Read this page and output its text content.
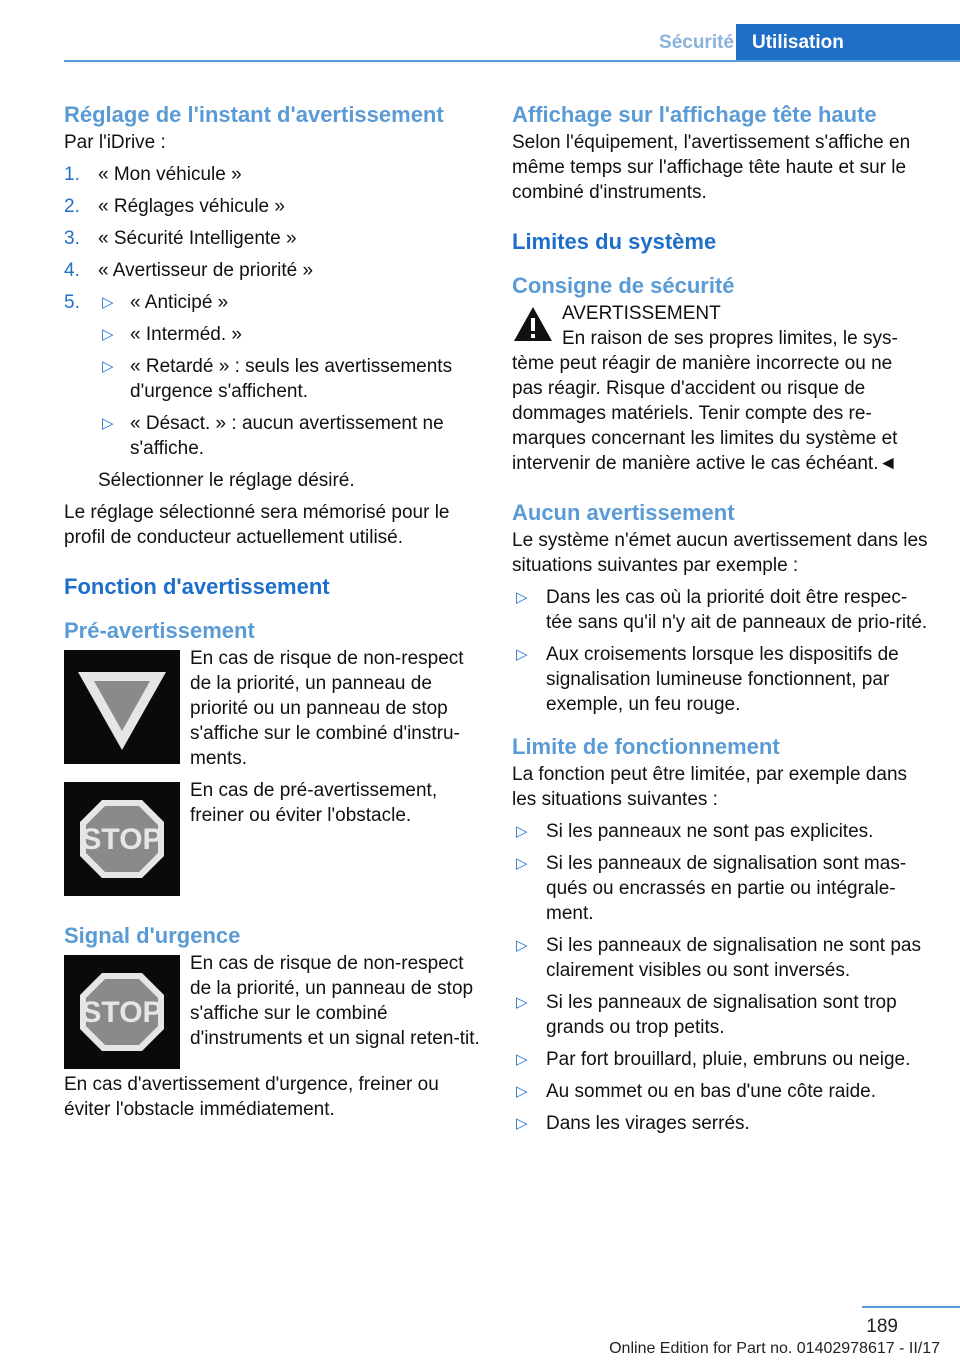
Sécurité Utilisation
Réglage de l'instant d'avertissement

Par l'iDrive :

1. « Mon véhicule »
2. « Réglages véhicule »
3. « Sécurité Intelligente »
4. « Avertisseur de priorité »
5. ▷ « Anticipé »
▷ « Interméd. »
▷ « Retardé » : seuls les avertissements d'urgence s'affichent.
▷ « Désact. » : aucun avertissement ne s'affiche.

Sélectionner le réglage désiré.

Le réglage sélectionné sera mémorisé pour le profil de conducteur actuellement utilisé.

Fonction d'avertissement
Pré-avertissement

En cas de risque de non-respect de la priorité, un panneau de priorité ou un panneau de stop s'affiche sur le combiné d'instru-ments.

STOP

En cas de pré-avertissement, freiner ou éviter l'obstacle.

Signal d'urgence
STOP

En cas de risque de non-respect de la priorité, un panneau de stop s'affiche sur le combiné d'instruments et un signal reten-tit.

En cas d'avertissement d'urgence, freiner ou éviter l'obstacle immédiatement.

Affichage sur l'affichage tête haute

Selon l'équipement, l'avertissement s'affiche en même temps sur l'affichage tête haute et sur le combiné d'instruments.

Limites du système
Consigne de sécurité

AVERTISSEMENT

En raison de ses propres limites, le sys-

tème peut réagir de manière incorrecte ou ne pas réagir. Risque d'accident ou risque de dommages matériels. Tenir compte des re-marques concernant les limites du système et intervenir de manière active le cas échéant.◄

Aucun avertissement

Le système n'émet aucun avertissement dans les situations suivantes par exemple :

▷ Dans les cas où la priorité doit être respec-tée sans qu'il n'y ait de panneaux de prio-rité.
▷ Aux croisements lorsque les dispositifs de signalisation lumineuse fonctionnent, par exemple, un feu rouge.
Limite de fonctionnement

La fonction peut être limitée, par exemple dans les situations suivantes :

▷ Si les panneaux ne sont pas explicites.
▷ Si les panneaux de signalisation sont mas-qués ou encrassés en partie ou intégrale-ment.
▷ Si les panneaux de signalisation ne sont pas clairement visibles ou sont inversés.
▷ Si les panneaux de signalisation sont trop grands ou trop petits.
▷ Par fort brouillard, pluie, embruns ou neige.
▷ Au sommet ou en bas d'une côte raide.
▷ Dans les virages serrés.
189
Online Edition for Part no. 01402978617 - II/17
